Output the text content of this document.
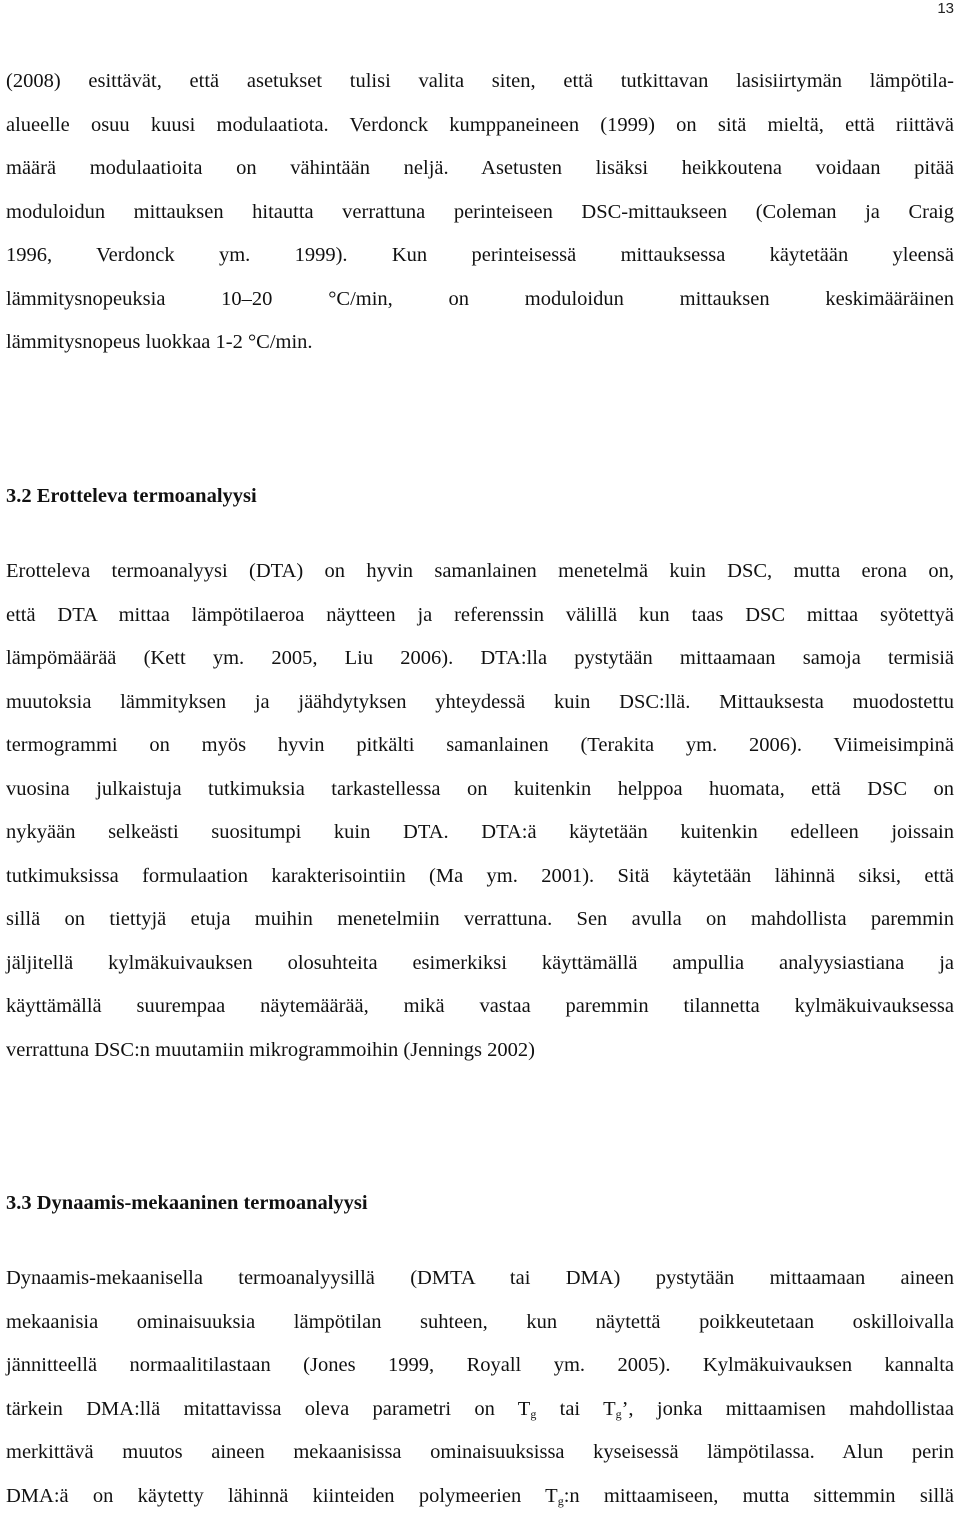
13
(2008) esittävät, että asetukset tulisi valita siten, että tutkittavan lasisiirtymän lämpötila-
alueelle osuu kuusi modulaatiota. Verdonck kumppaneineen (1999) on sitä mieltä, että riittävä
määrä modulaatioita on vähintään neljä. Asetusten lisäksi heikkoutena voidaan pitää
moduloidun mittauksen hitautta verrattuna perinteiseen DSC-mittaukseen (Coleman ja Craig
1996, Verdonck ym. 1999). Kun perinteisessä mittauksessa käytetään yleensä
lämmitysnopeuksia 10–20 °C/min, on moduloidun mittauksen keskimääräinen
lämmitysnopeus luokkaa 1-2 °C/min.
3.2 Erotteleva termoanalyysi
Erotteleva termoanalyysi (DTA) on hyvin samanlainen menetelmä kuin DSC, mutta erona on,
että DTA mittaa lämpötilaeroa näytteen ja referenssin välillä kun taas DSC mittaa syötettyä
lämpömäärää (Kett ym. 2005, Liu 2006). DTA:lla pystytään mittaamaan samoja termisiä
muutoksia lämmityksen ja jäähdytyksen yhteydessä kuin DSC:llä. Mittauksesta muodostettu
termogrammi on myös hyvin pitkälti samanlainen (Terakita ym. 2006). Viimeisimpinä
vuosina julkaistuja tutkimuksia tarkastellessa on kuitenkin helppoa huomata, että DSC on
nykyään selkeästi suositumpi kuin DTA. DTA:ä käytetään kuitenkin edelleen joissain
tutkimuksissa formulaation karakterisointiin (Ma ym. 2001). Sitä käytetään lähinnä siksi, että
sillä on tiettyjä etuja muihin menetelmiin verrattuna. Sen avulla on mahdollista paremmin
jäljitellä kylmäkuivauksen olosuhteita esimerkiksi käyttämällä ampullia analyysiastiana ja
käyttämällä suurempaa näytemäärää, mikä vastaa paremmin tilannetta kylmäkuivauksessa
verrattuna DSC:n muutamiin mikrogrammoihin (Jennings 2002)
3.3 Dynaamis-mekaaninen termoanalyysi
Dynaamis-mekaanisella termoanalyysillä (DMTA tai DMA) pystytään mittaamaan aineen
mekaanisia ominaisuuksia lämpötilan suhteen, kun näytettä poikkeutetaan oskilloivalla
jännitteellä normaalitilastaan (Jones 1999, Royall ym. 2005). Kylmäkuivauksen kannalta
tärkein DMA:llä mitattavissa oleva parametri on $T_g$ tai $T_g$’, jonka mittaamisen mahdollistaa
merkittävä muutos aineen mekaanisissa ominaisuuksissa kyseisessä lämpötilassa. Alun perin
DMA:ä on käytetty lähinnä kiinteiden polymeerien $T_g:n$ mittaamiseen, mutta sittemmin sillä
